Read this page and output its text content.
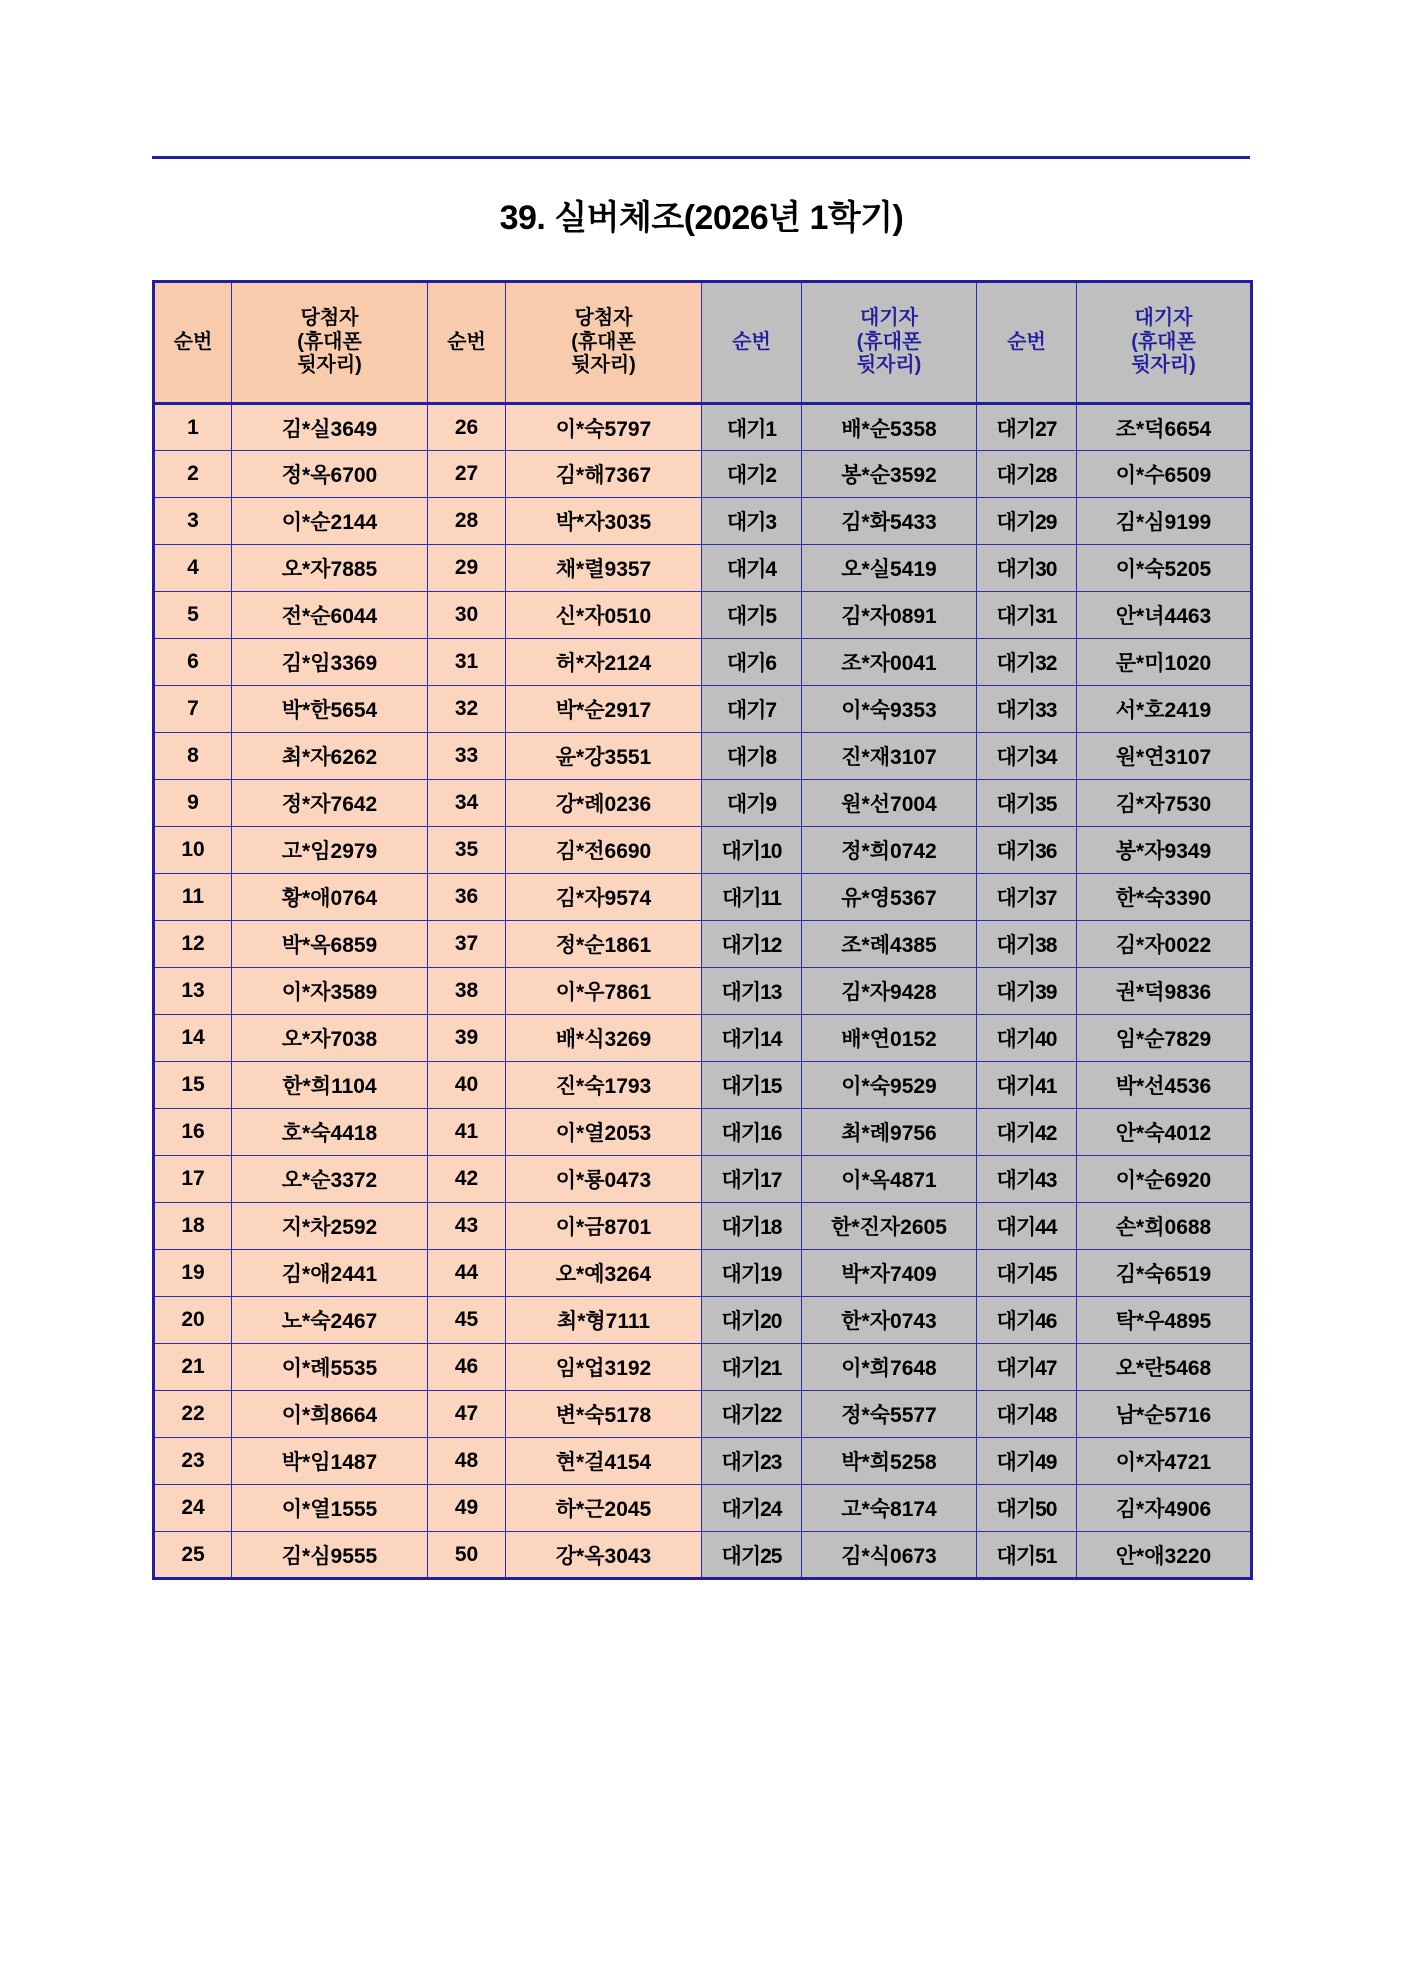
39. 실버체조(2026년 1학기)
순번	당첨자
(휴대폰
뒷자리)	순번	당첨자
(휴대폰
뒷자리)	순번	대기자
(휴대폰
뒷자리)	순번	대기자
(휴대폰
뒷자리)

1	김*실3649	26	이*숙5797	대기1	배*순5358	대기27	조*덕6654
2	정*옥6700	27	김*해7367	대기2	봉*순3592	대기28	이*수6509
3	이*순2144	28	박*자3035	대기3	김*화5433	대기29	김*심9199
4	오*자7885	29	채*렬9357	대기4	오*실5419	대기30	이*숙5205
5	전*순6044	30	신*자0510	대기5	김*자0891	대기31	안*녀4463
6	김*임3369	31	허*자2124	대기6	조*자0041	대기32	문*미1020
7	박*한5654	32	박*순2917	대기7	이*숙9353	대기33	서*호2419
8	최*자6262	33	윤*강3551	대기8	진*재3107	대기34	원*연3107
9	정*자7642	34	강*례0236	대기9	원*선7004	대기35	김*자7530
10	고*임2979	35	김*전6690	대기10	정*희0742	대기36	봉*자9349
11	황*애0764	36	김*자9574	대기11	유*영5367	대기37	한*숙3390
12	박*옥6859	37	정*순1861	대기12	조*례4385	대기38	김*자0022
13	이*자3589	38	이*우7861	대기13	김*자9428	대기39	권*덕9836
14	오*자7038	39	배*식3269	대기14	배*연0152	대기40	임*순7829
15	한*희1104	40	진*숙1793	대기15	이*숙9529	대기41	박*선4536
16	호*숙4418	41	이*열2053	대기16	최*례9756	대기42	안*숙4012
17	오*순3372	42	이*룡0473	대기17	이*옥4871	대기43	이*순6920
18	지*차2592	43	이*금8701	대기18	한*진자2605	대기44	손*희0688
19	김*애2441	44	오*예3264	대기19	박*자7409	대기45	김*숙6519
20	노*숙2467	45	최*형7111	대기20	한*자0743	대기46	탁*우4895
21	이*례5535	46	임*업3192	대기21	이*희7648	대기47	오*란5468
22	이*희8664	47	변*숙5178	대기22	정*숙5577	대기48	남*순5716
23	박*임1487	48	현*걸4154	대기23	박*희5258	대기49	이*자4721
24	이*열1555	49	하*근2045	대기24	고*숙8174	대기50	김*자4906
25	김*심9555	50	강*옥3043	대기25	김*식0673	대기51	안*애3220
